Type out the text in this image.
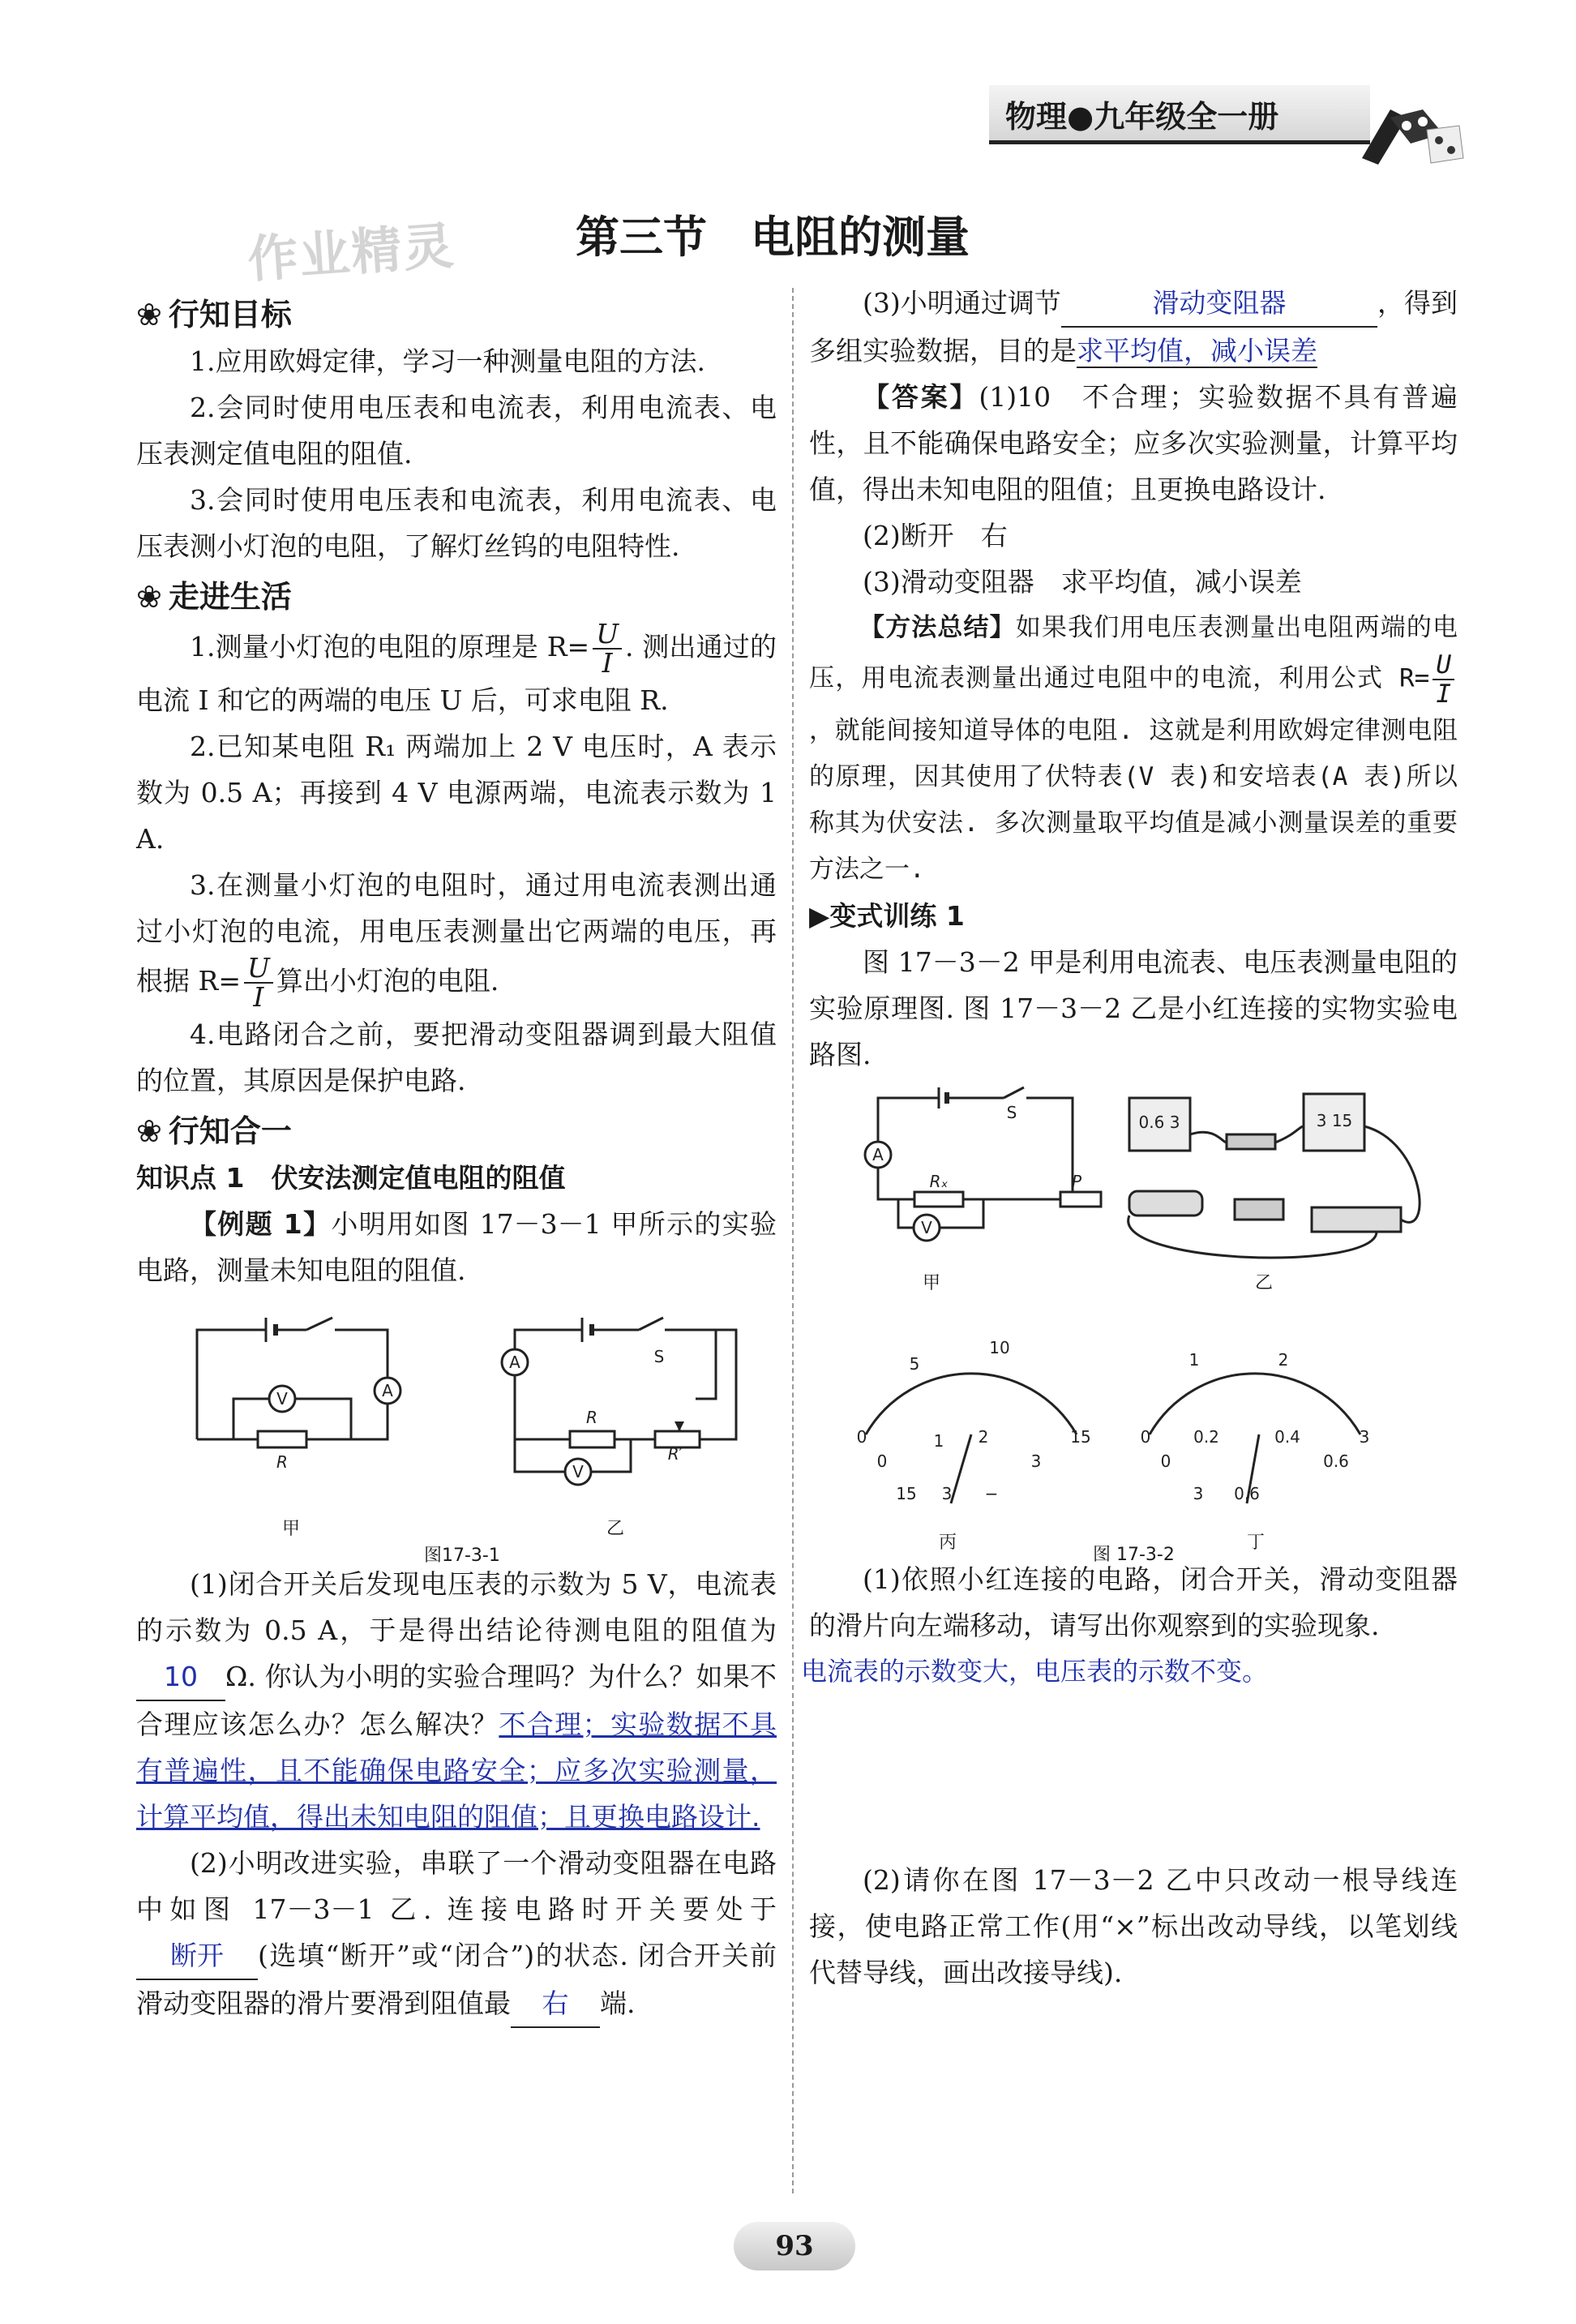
物理●九年级全一册
作业精灵	第三节　电阻的测量
❀ 行知目标

1.应用欧姆定律，学习一种测量电阻的方法.

2.会同时使用电压表和电流表，利用电流表、电压表测定值电阻的阻值.

3.会同时使用电压表和电流表，利用电流表、电压表测小灯泡的电阻，了解灯丝钨的电阻特性.

❀ 走进生活

1.测量小灯泡的电阻的原理是 $R= \frac{U}{I}$ . 测出通过的电流 I 和它的两端的电压 U 后，可求电阻 R.

2.已知某电阻 R₁ 两端加上 2 V 电压时，A 表示数为 0.5 A；再接到 4 V 电源两端，电流表示数为 1 A.

3.在测量小灯泡的电阻时，通过用电流表测出通过小灯泡的电流，用电压表测量出它两端的电压，再根据 $R= \frac{U}{I}$ 算出小灯泡的电阻.

4.电路闭合之前，要把滑动变阻器调到最大阻值的位置，其原因是保护电路.

❀ 行知合一
知识点 1　伏安法测定值电阻的阻值

【例题 1】小明用如图 17－3－1 甲所示的实验电路，测量未知电阻的阻值.

A
V
R
A
V
R
S
R′
甲	乙
图17-3-1

(1)闭合开关后发现电压表的示数为 5 V，电流表的示数为 0.5 A，于是得出结论待测电阻的阻值为10 Ω. 你认为小明的实验合理吗？为什么？如果不合理应该怎么办？怎么解决？不合理；实验数据不具有普遍性，且不能确保电路安全；应多次实验测量，计算平均值，得出未知电阻的阻值；且更换电路设计.

(2)小明改进实验，串联了一个滑动变阻器在电路中如图 17－3－1 乙. 连接电路时开关要处于断开 (选填“断开”或“闭合”)的状态. 闭合开关前滑动变阻器的滑片要滑到阻值最 右 端.

(3)小明通过调节	滑动变阻器	，得到多组实验数据，目的是求平均值，减小误差

【答案】(1)10　不合理；实验数据不具有普遍性，且不能确保电路安全；应多次实验测量，计算平均值，得出未知电阻的阻值；且更换电路设计.

(2)断开　右

(3)滑动变阻器　求平均值，减小误差

【方法总结】如果我们用电压表测量出电阻两端的电压，用电流表测量出通过电阻中的电流，利用公式 $R= \frac{U}{I}$
，就能间接知道导体的电阻. 这就是利用欧姆定律测电阻的原理，因其使用了伏特表(V 表)和安培表(A 表)所以称其为伏安法. 多次测量取平均值是减小测量误差的重要方法之一.

▶变式训练 1

图 17－3－2 甲是利用电流表、电压表测量电阻的实验原理图. 图 17－3－2 乙是小红连接的实物实验电路图.

A
V
S
Rₓ	P
0.6 3	3 15
0
5
10
15
0
1 2
3
15 3 −
0
1	2
3
0
0.2	0.4
0.6
3 0.6
甲	乙
丙	丁
图 17-3-2

(1)依照小红连接的电路，闭合开关，滑动变阻器的滑片向左端移动，请写出你观察到的实验现象.

电流表的示数变大，电压表的示数不变。

(2)请你在图 17－3－2 乙中只改动一根导线连接，使电路正常工作(用“×”标出改动导线，以笔划线代替导线，画出改接导线).

93
